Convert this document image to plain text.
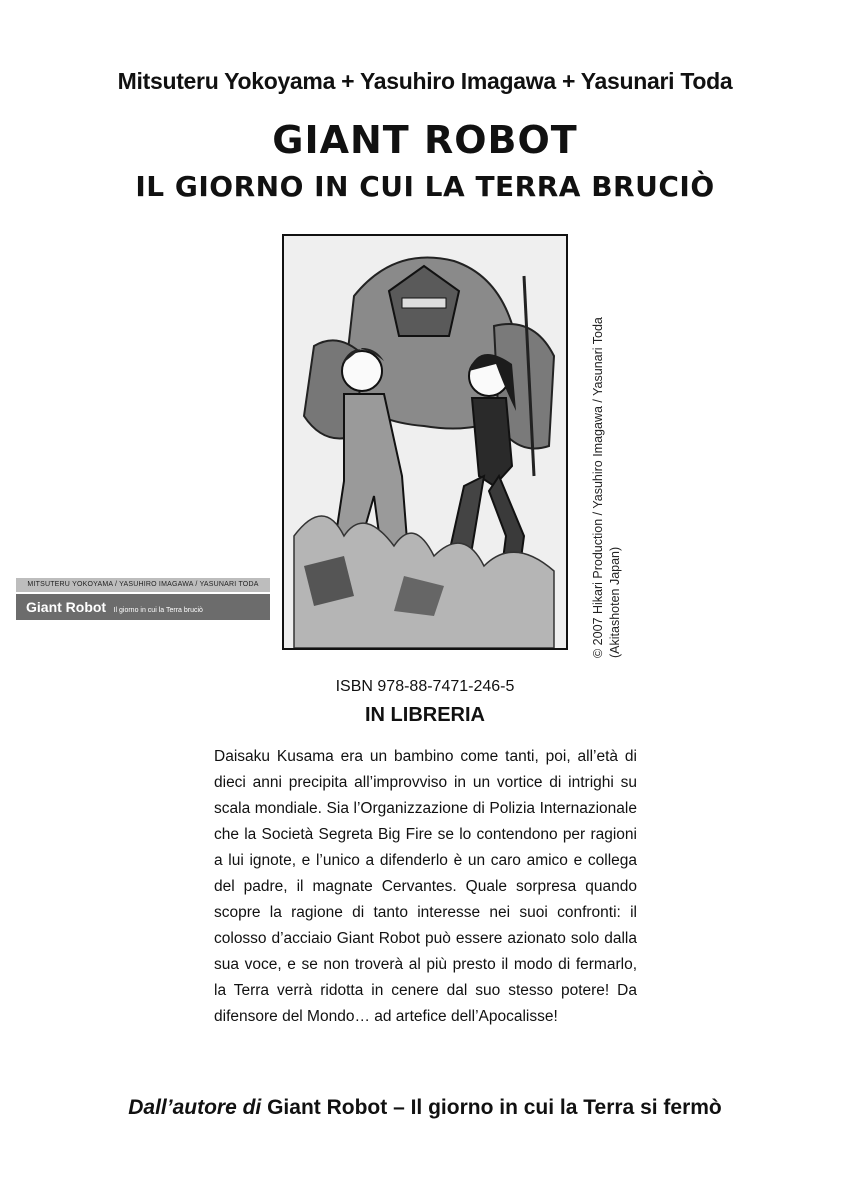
Mitsuteru Yokoyama + Yasuhiro Imagawa + Yasunari Toda
GIANT ROBOT
IL GIORNO IN CUI LA TERRA BRUCIÒ
MITSUTERU YOKOYAMA / YASUHIRO IMAGAWA / YASUNARI TODA
Giant Robot Il giorno in cui la Terra bruciò	© 2007 Hikari Production / Yasuhiro Imagawa / Yasunari Toda (Akitashoten Japan)
ISBN 978-88-7471-246-5
IN LIBRERIA
Daisaku Kusama era un bambino come tanti, poi, all’età di dieci anni precipita all’improvviso in un vortice di intrighi su scala mondiale. Sia l’Organizzazione di Polizia Internazionale che la Società Segreta Big Fire se lo contendono per ragioni a lui ignote, e l’unico a difenderlo è un caro amico e collega del padre, il magnate Cervantes. Quale sorpresa quando scopre la ragione di tanto interesse nei suoi confronti: il colosso d’acciaio Giant Robot può essere azionato solo dalla sua voce, e se non troverà al più presto il modo di fermarlo, la Terra verrà ridotta in cenere dal suo stesso potere! Da difensore del Mondo… ad artefice dell’Apocalisse!
Dall’autore di Giant Robot – Il giorno in cui la Terra si fermò
